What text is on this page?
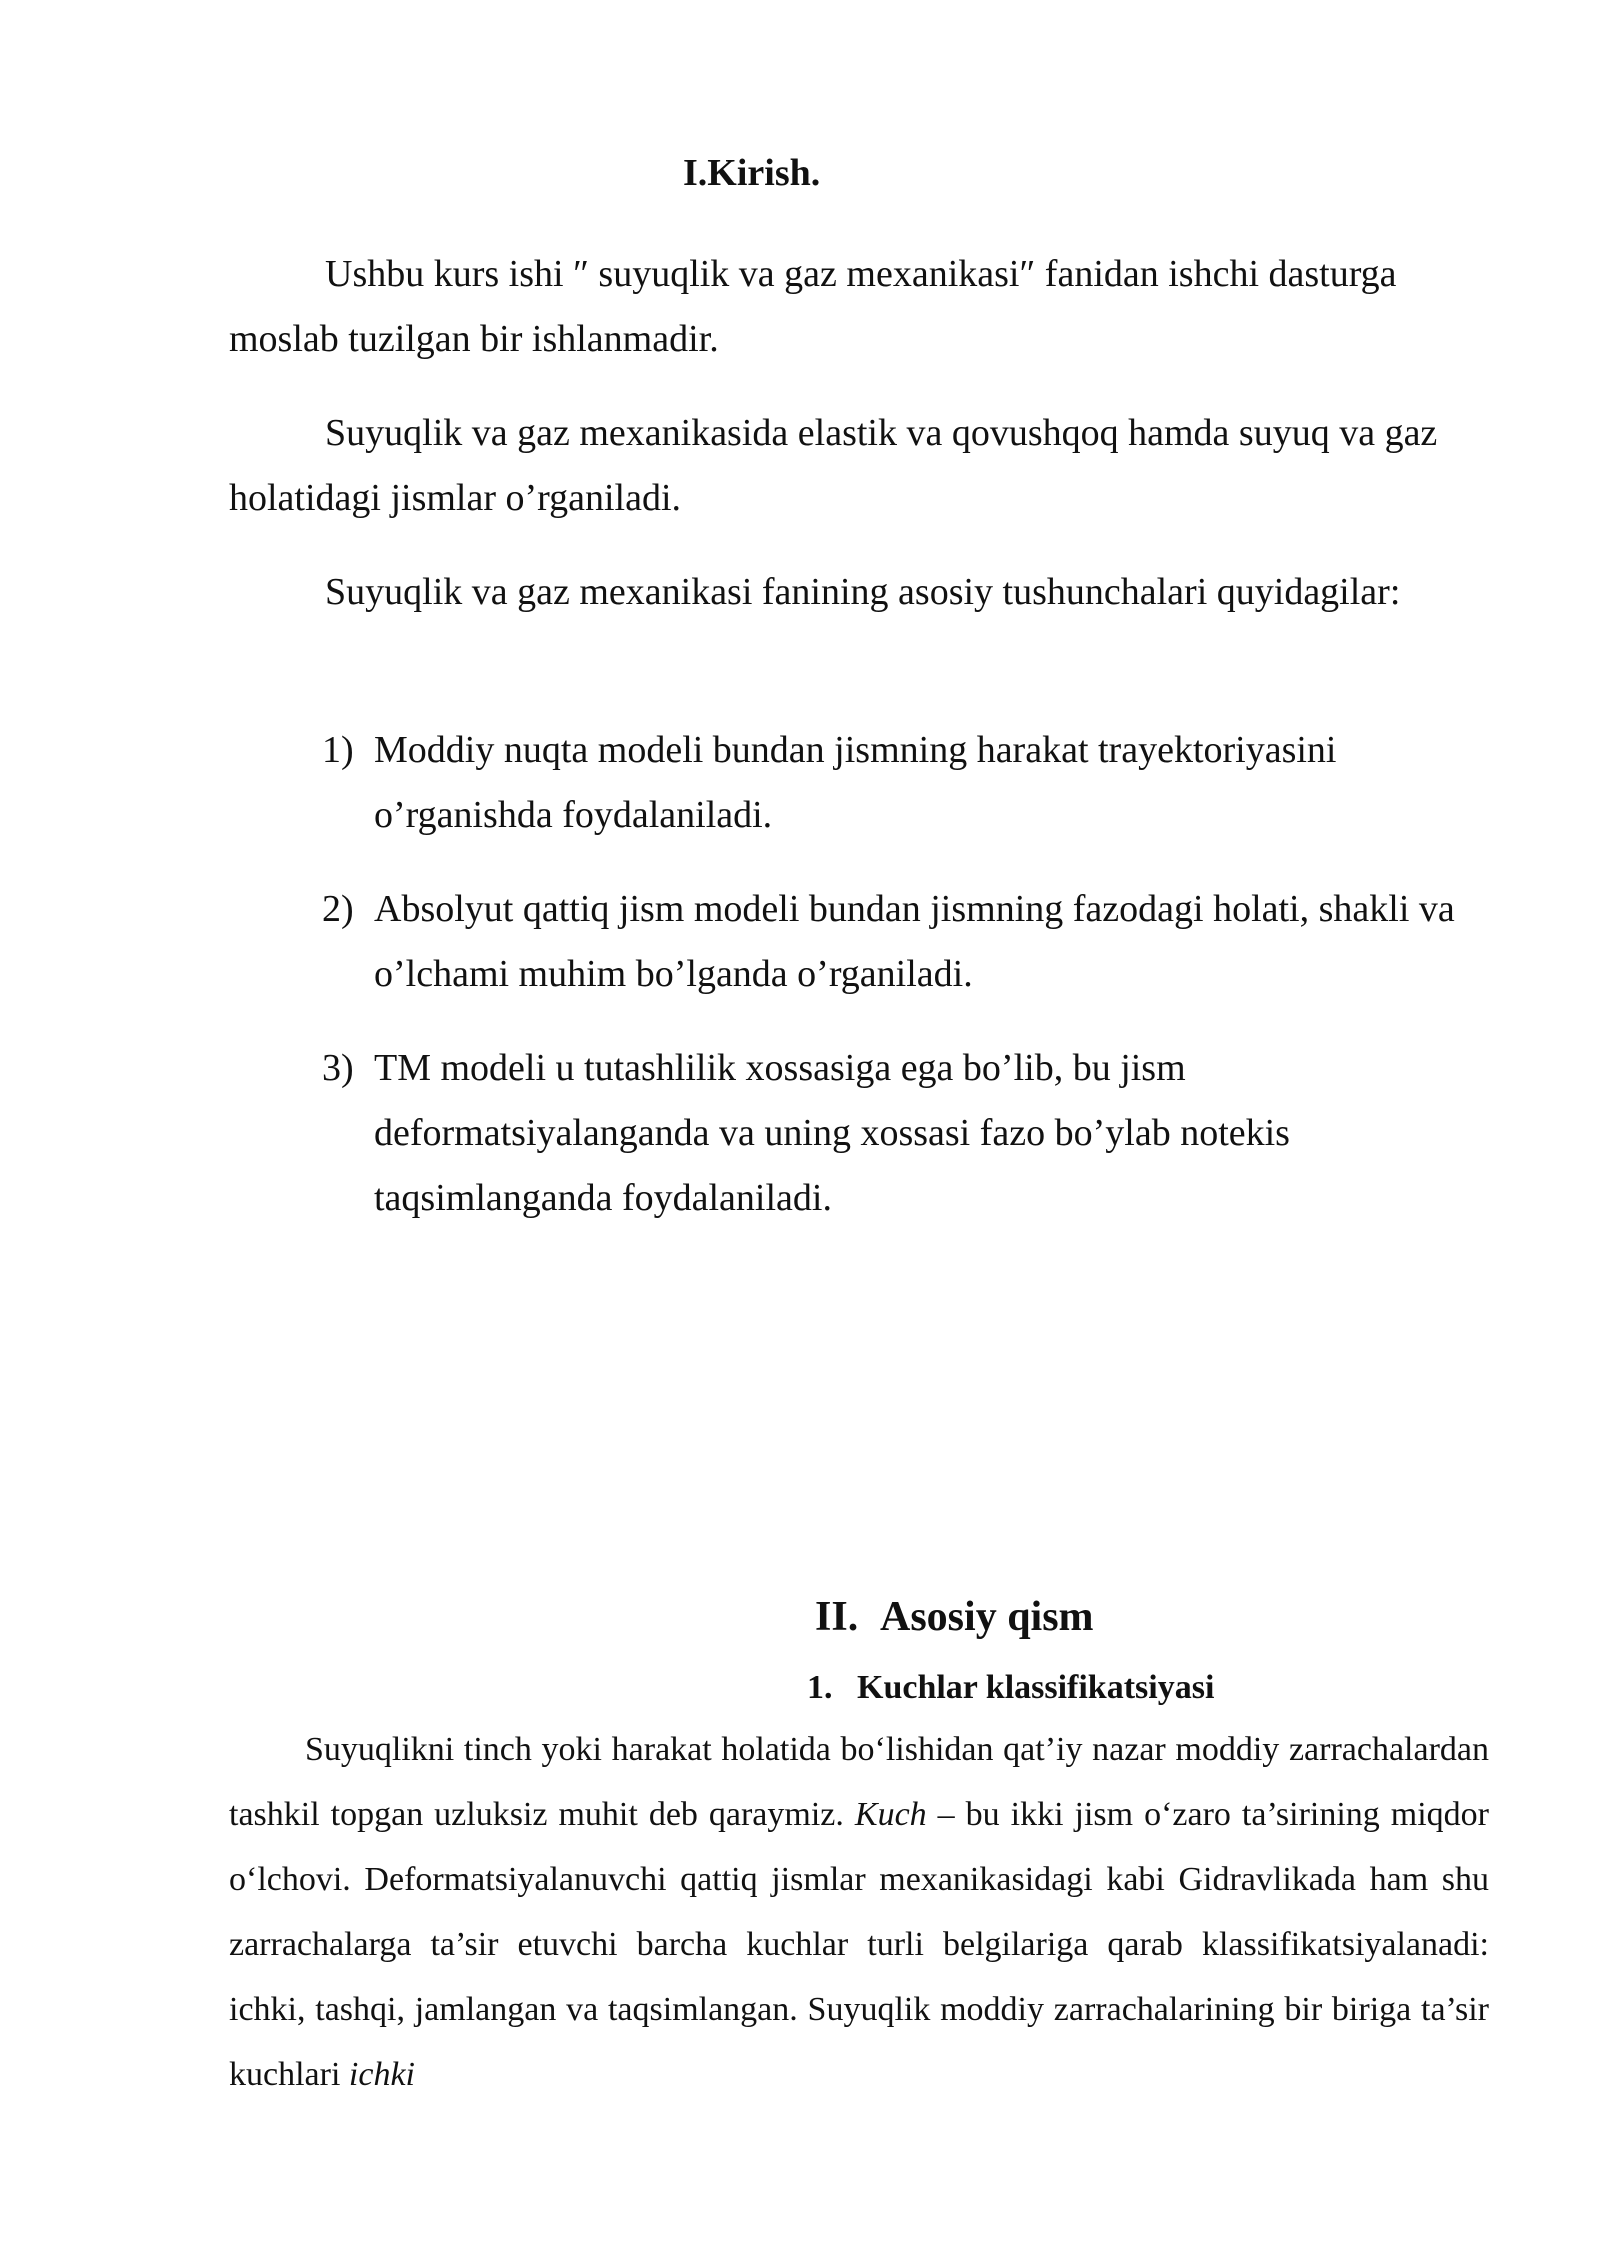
I.Kirish.

Ushbu kurs ishi ″ suyuqlik va gaz mexanikasi″ fanidan ishchi dasturga moslab tuzilgan bir ishlanmadir.

Suyuqlik va gaz mexanikasida elastik va qovushqoq hamda suyuq va gaz holatidagi jismlar o’rganiladi.

Suyuqlik va gaz mexanikasi fanining asosiy tushunchalari quyidagilar:

1) Moddiy nuqta modeli bundan jismning harakat trayektoriyasini o’rganishda foydalaniladi.
2) Absolyut qattiq jism modeli bundan jismning fazodagi holati, shakli va o’lchami muhim bo’lganda o’rganiladi.
3) TM modeli u tutashlilik xossasiga ega bo’lib, bu jism deformatsiyalanganda va uning xossasi fazo bo’ylab notekis taqsimlanganda foydalaniladi.
II. Asosiy qism
1. Kuchlar klassifikatsiyasi

Suyuqlikni tinch yoki harakat holatida bo‘lishidan qat’iy nazar moddiy zarrachalardan tashkil topgan uzluksiz muhit deb qaraymiz. Kuch – bu ikki jism o‘zaro ta’sirining miqdor o‘lchovi. Deformatsiyalanuvchi qattiq jismlar mexanikasidagi kabi Gidravlikada ham shu zarrachalarga ta’sir etuvchi barcha kuchlar turli belgilariga qarab klassifikatsiyalanadi: ichki, tashqi, jamlangan va taqsimlangan. Suyuqlik moddiy zarrachalarining bir biriga ta’sir kuchlari ichki
